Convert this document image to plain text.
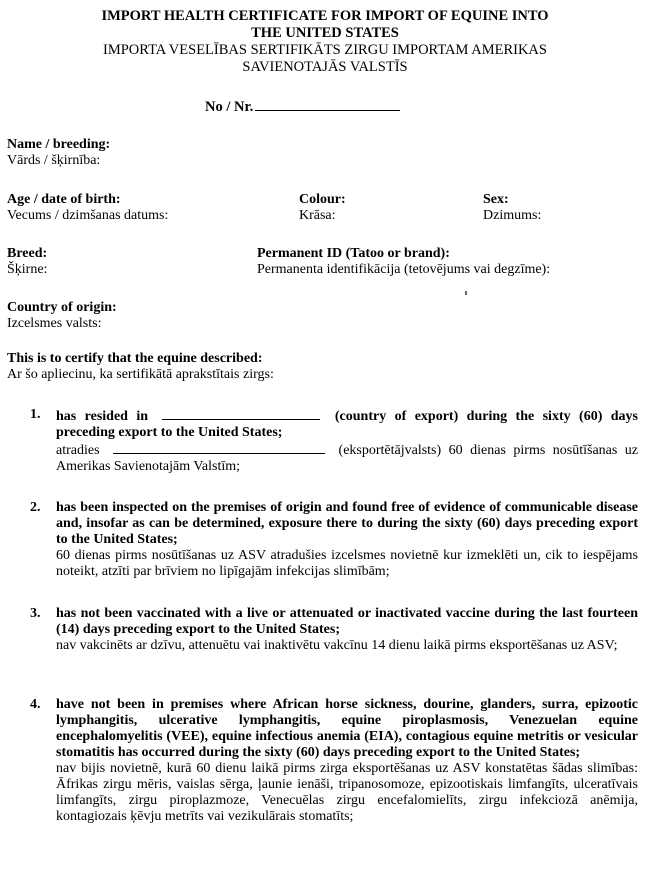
IMPORT HEALTH CERTIFICATE FOR IMPORT OF EQUINE INTO
THE UNITED STATES
IMPORTA VESELĪBAS SERTIFIKĀTS ZIRGU IMPORTAM AMERIKAS
SAVIENOTAJĀS VALSTĪS
No / Nr.
Name / breeding:
Vārds / šķirnība:
Age / date of birth:
Vecums / dzimšanas datums:
Colour:
Krāsa:
Sex:
Dzimums:
Breed:
Šķirne:
Permanent ID (Tatoo or brand):
Permanenta identifikācija (tetovējums vai degzīme):
Country of origin:
Izcelsmes valsts:
This is to certify that the equine described:
Ar šo apliecinu, ka sertifikātā aprakstītais zirgs:
1. has resided in	(country of export) during the sixty (60) days preceding export to the United States;
atradies	(eksportētājvalsts) 60 dienas pirms nosūtīšanas uz Amerikas Savienotajām Valstīm;
2. has been inspected on the premises of origin and found free of evidence of communicable disease and, insofar as can be determined, exposure there to during the sixty (60) days preceding export to the United States;
60 dienas pirms nosūtīšanas uz ASV atradušies izcelsmes novietnē kur izmeklēti un, cik to iespējams noteikt, atzīti par brīviem no lipīgajām infekcijas slimībām;
3. has not been vaccinated with a live or attenuated or inactivated vaccine during the last fourteen (14) days preceding export to the United States;
nav vakcinēts ar dzīvu, attenuētu vai inaktivētu vakcīnu 14 dienu laikā pirms eksportēšanas uz ASV;
4. have not been in premises where African horse sickness, dourine, glanders, surra, epizootic lymphangitis, ulcerative lymphangitis, equine piroplasmosis, Venezuelan equine encephalomyelitis (VEE), equine infectious anemia (EIA), contagious equine metritis or vesicular stomatitis has occurred during the sixty (60) days preceding export to the United States;
nav bijis novietnē, kurā 60 dienu laikā pirms zirga eksportēšanas uz ASV konstatētas šādas slimības: Āfrikas zirgu mēris, vaislas sērga, ļaunie ienāši, tripanosomoze, epizootiskais limfangīts, ulceratīvais limfangīts, zirgu piroplazmoze, Venecuēlas zirgu encefalomielīts, zirgu infekciozā anēmija, kontagiozais ķēvju metrīts vai vezikulārais stomatīts;
